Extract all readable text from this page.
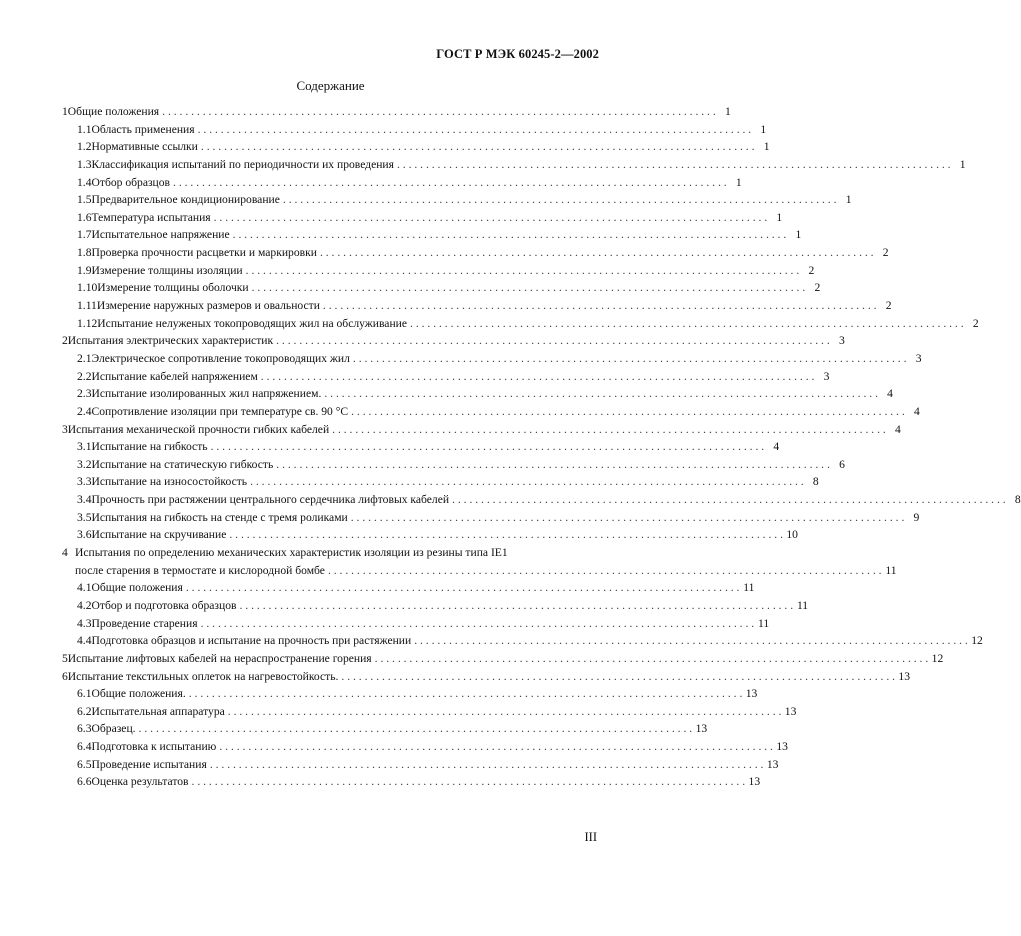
ГОСТ Р МЭК 60245-2—2002
Содержание
1 Общие положения . . .	1
1.1 Область применения . . .	1
1.2 Нормативные ссылки . . .	1
1.3 Классификация испытаний по периодичности их проведения . . .	1
1.4 Отбор образцов . . .	1
1.5 Предварительное кондиционирование . . .	1
1.6 Температура испытания . . .	1
1.7 Испытательное напряжение . . .	1
1.8 Проверка прочности расцветки и маркировки . . .	2
1.9 Измерение толщины изоляции . . .	2
1.10 Измерение толщины оболочки . . .	2
1.11 Измерение наружных размеров и овальности . . .	2
1.12 Испытание нелуженых токопроводящих жил на обслуживание . . .	2
2 Испытания электрических характеристик . . .	3
2.1 Электрическое сопротивление токопроводящих жил . . .	3
2.2 Испытание кабелей напряжением . . .	3
2.3 Испытание изолированных жил напряжением. . . .	4
2.4 Сопротивление изоляции при температуре св. 90 °С . . .	4
3 Испытания механической прочности гибких кабелей . . .	4
3.1 Испытание на гибкость . . .	4
3.2 Испытание на статическую гибкость . . .	6
3.3 Испытание на износостойкость . . .	8
3.4 Прочность при растяжении центрального сердечника лифтовых кабелей . . .	8
3.5 Испытания на гибкость на стенде с тремя роликами . . .	9
3.6 Испытание на скручивание . . .	10
4 Испытания по определению механических характеристик изоляции из резины типа IE1
после старения в термостате и кислородной бомбе . . .	11
4.1 Общие положения . . .	11
4.2 Отбор и подготовка образцов . . .	11
4.3 Проведение старения . . .	11
4.4 Подготовка образцов и испытание на прочность при растяжении . . .	12
5 Испытание лифтовых кабелей на нераспространение горения . . .	12
6 Испытание текстильных оплеток на нагревостойкость. . . .	13
6.1 Общие положения. . . .	13
6.2 Испытательная аппаратура . . .	13
6.3 Образец. . . .	13
6.4 Подготовка к испытанию . . .	13
6.5 Проведение испытания . . .	13
6.6 Оценка результатов . . .	13
III
